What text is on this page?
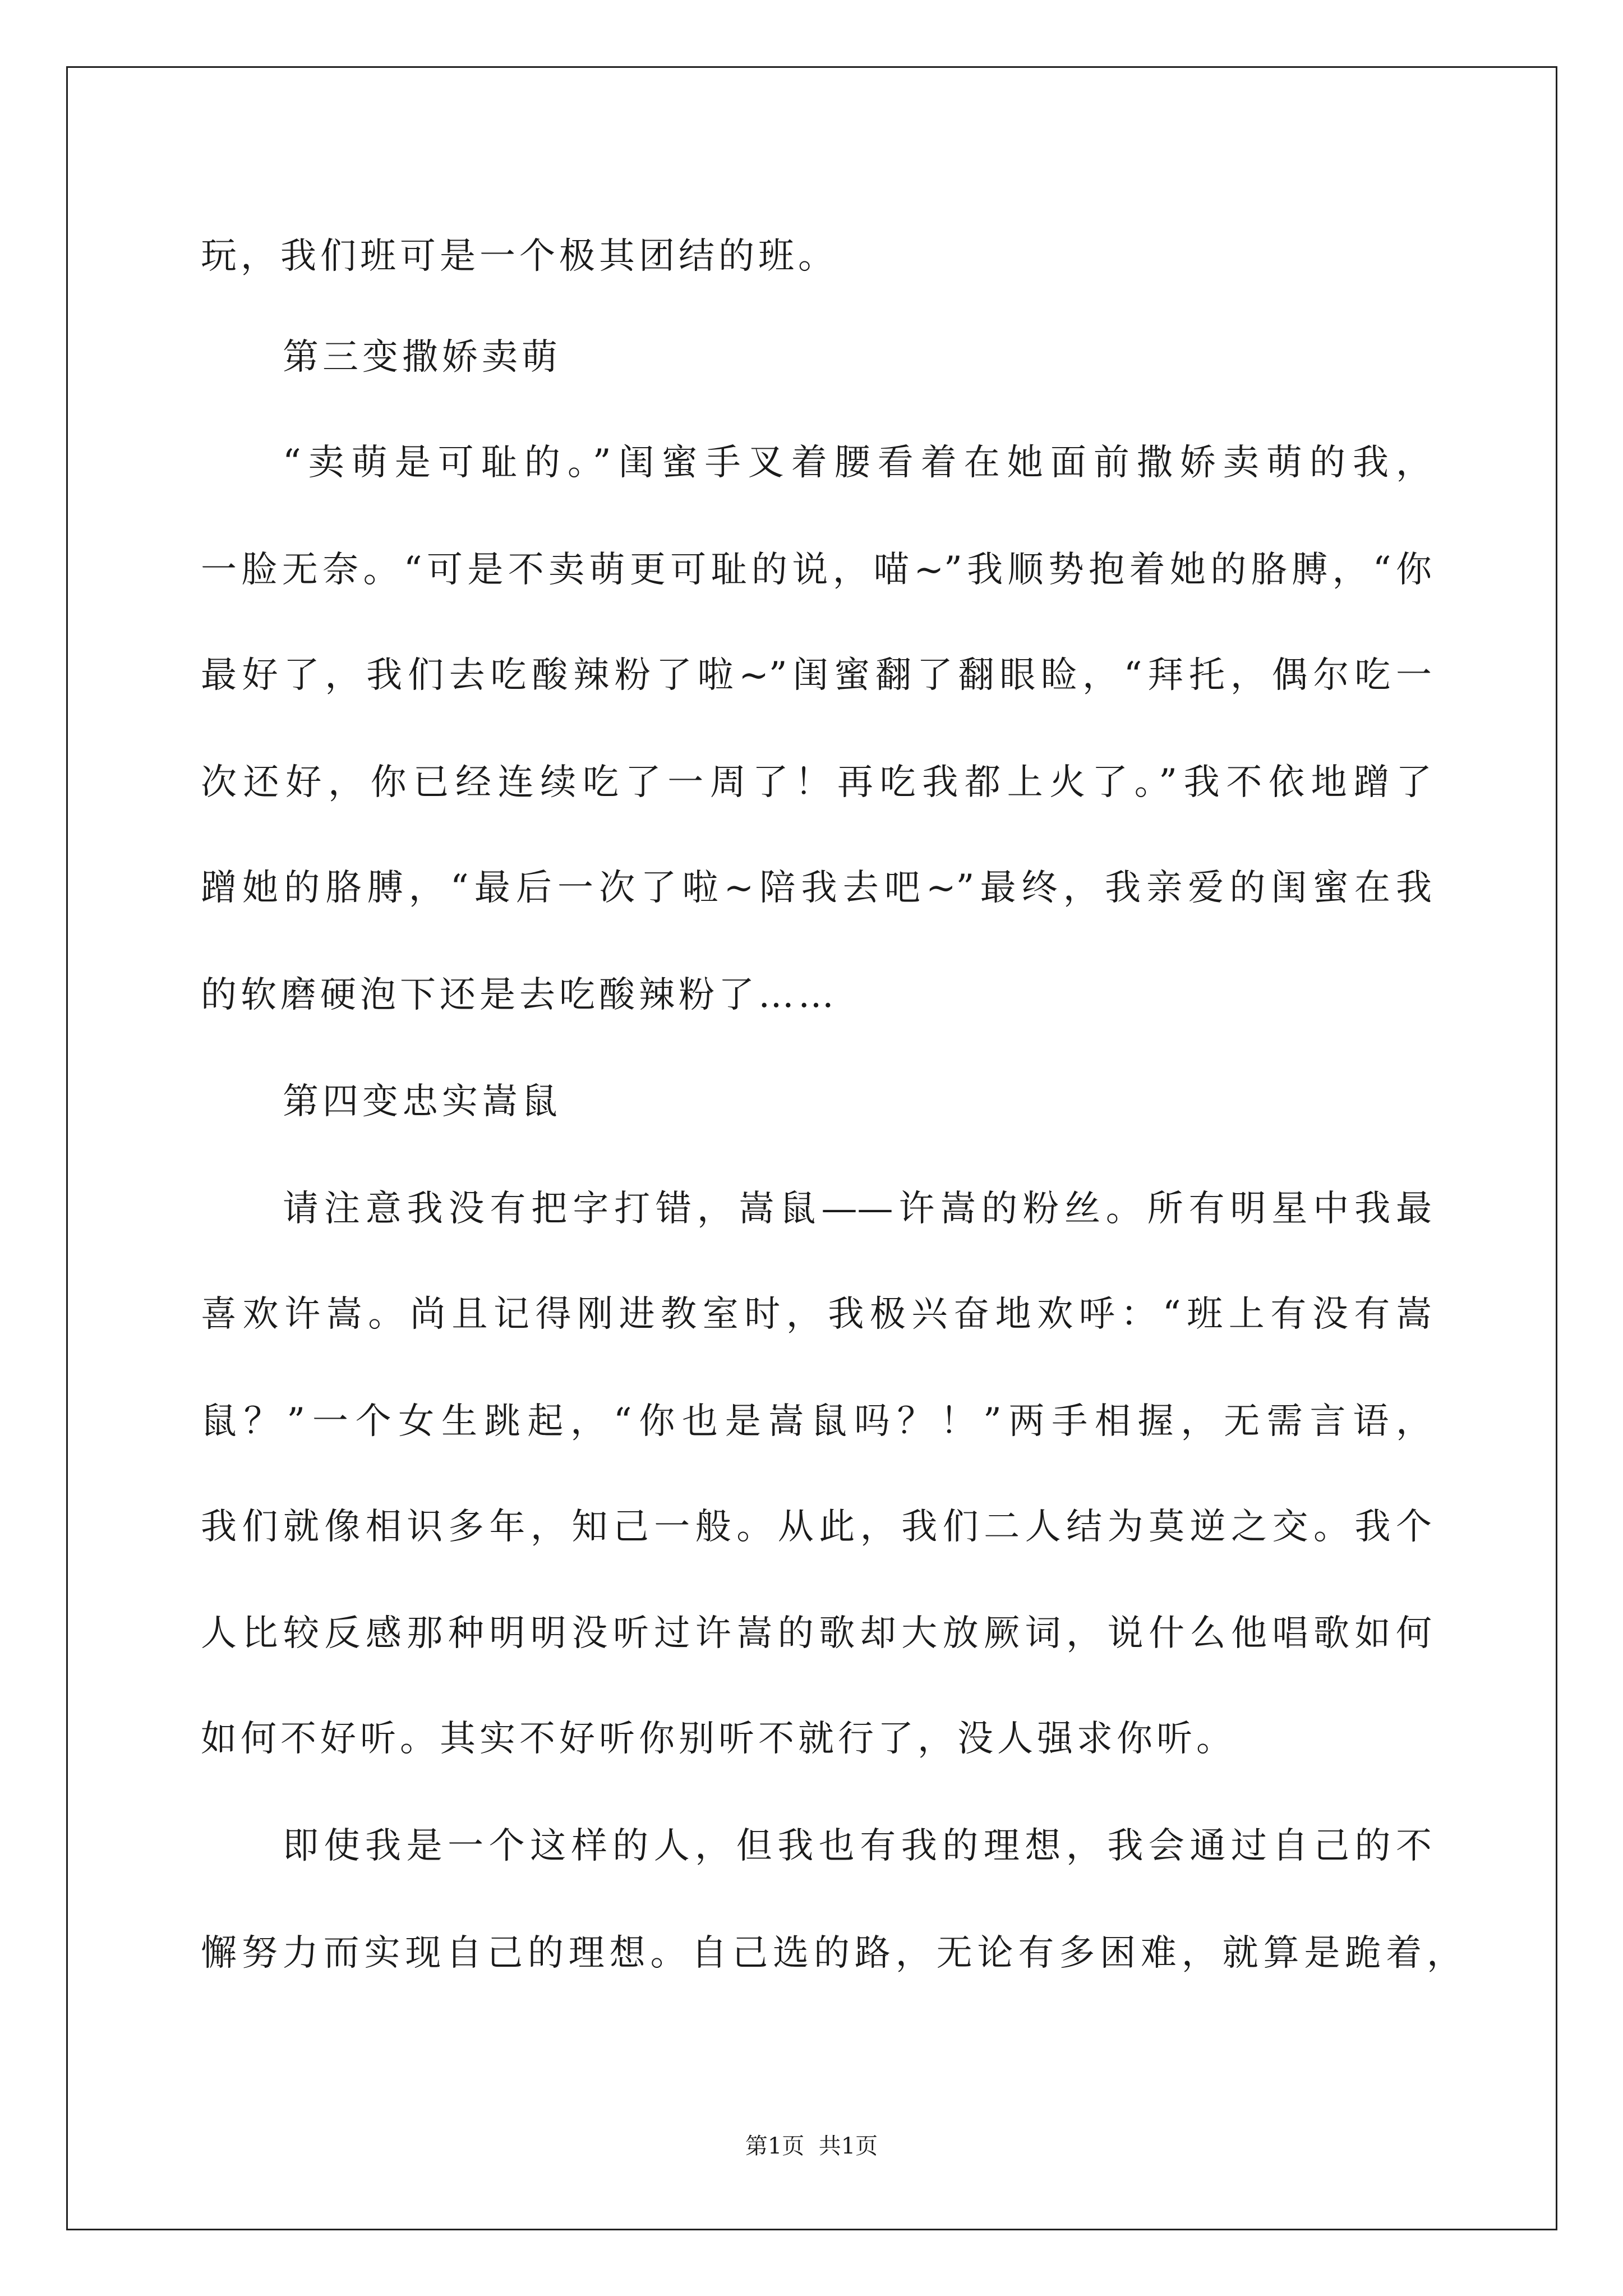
玩，我们班可是一个极其团结的班。

第三变撒娇卖萌

“卖萌是可耻的。”闺蜜手叉着腰看着在她面前撒娇卖萌的我，

一脸无奈。“可是不卖萌更可耻的说，喵~”我顺势抱着她的胳膊，“你

最好了，我们去吃酸辣粉了啦~”闺蜜翻了翻眼睑，“拜托，偶尔吃一

次还好，你已经连续吃了一周了！再吃我都上火了。”我不依地蹭了

蹭她的胳膊，“最后一次了啦~陪我去吧~”最终，我亲爱的闺蜜在我

的软磨硬泡下还是去吃酸辣粉了……

第四变忠实嵩鼠

请注意我没有把字打错，嵩鼠——许嵩的粉丝。所有明星中我最

喜欢许嵩。尚且记得刚进教室时，我极兴奋地欢呼：“班上有没有嵩

鼠？”一个女生跳起，“你也是嵩鼠吗？！”两手相握，无需言语，

我们就像相识多年，知己一般。从此，我们二人结为莫逆之交。我个

人比较反感那种明明没听过许嵩的歌却大放厥词，说什么他唱歌如何

如何不好听。其实不好听你别听不就行了，没人强求你听。

即使我是一个这样的人，但我也有我的理想，我会通过自己的不

懈努力而实现自己的理想。自己选的路，无论有多困难，就算是跪着，

第1页  共1页
